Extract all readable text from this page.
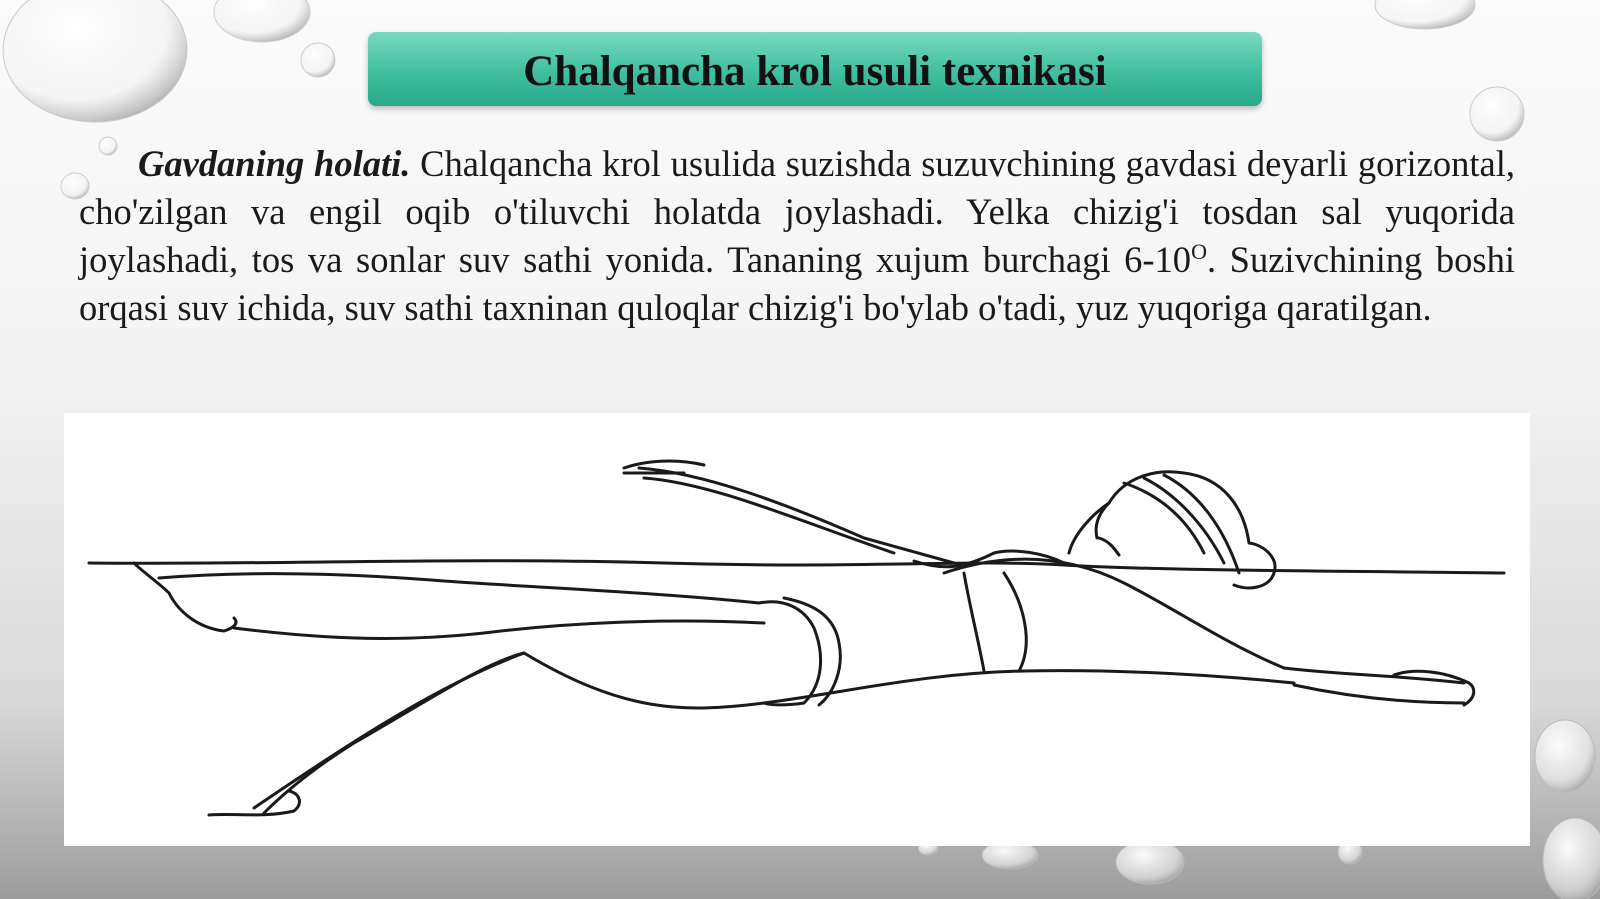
Chalqancha krol usuli texnikasi

Gavdaning holati. Chalqancha krol usulida suzishda suzuvchining gavdasi deyarli gorizontal, cho'zilgan va engil oqib o'tiluvchi holatda joylashadi. Yelka chizig'i tosdan sal yuqorida joylashadi, tos va sonlar suv sathi yonida. Tananing xujum burchagi $6-10^O$. Suzivchining boshi orqasi suv ichida, suv sathi taxninan quloqlar chizig'i bo'ylab o'tadi, yuz yuqoriga qaratilgan.
